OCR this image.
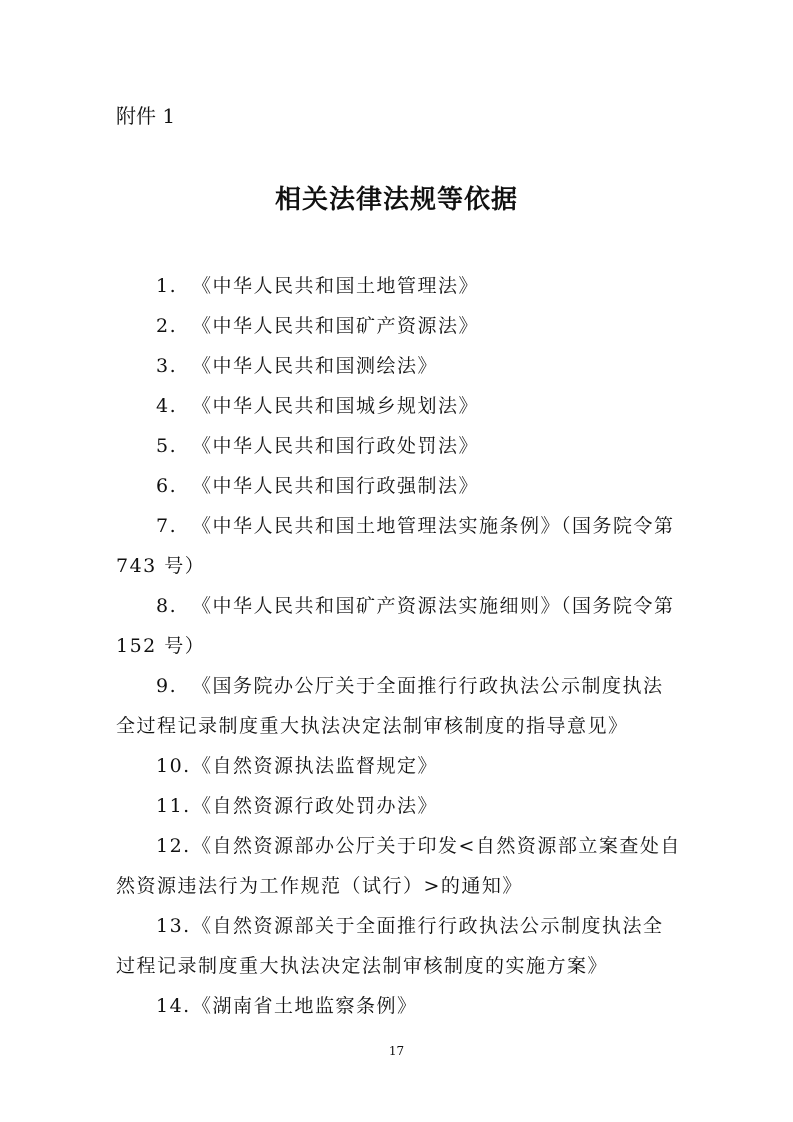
附件 1
相关法律法规等依据
1. 《中华人民共和国土地管理法》
2. 《中华人民共和国矿产资源法》
3. 《中华人民共和国测绘法》
4. 《中华人民共和国城乡规划法》
5. 《中华人民共和国行政处罚法》
6. 《中华人民共和国行政强制法》
7. 《中华人民共和国土地管理法实施条例》（国务院令第 743 号）
8. 《中华人民共和国矿产资源法实施细则》（国务院令第 152 号）
9. 《国务院办公厅关于全面推行行政执法公示制度执法全过程记录制度重大执法决定法制审核制度的指导意见》
10.《自然资源执法监督规定》
11.《自然资源行政处罚办法》
12.《自然资源部办公厅关于印发<自然资源部立案查处自然资源违法行为工作规范（试行）>的通知》
13.《自然资源部关于全面推行行政执法公示制度执法全过程记录制度重大执法决定法制审核制度的实施方案》
14.《湖南省土地监察条例》
17
